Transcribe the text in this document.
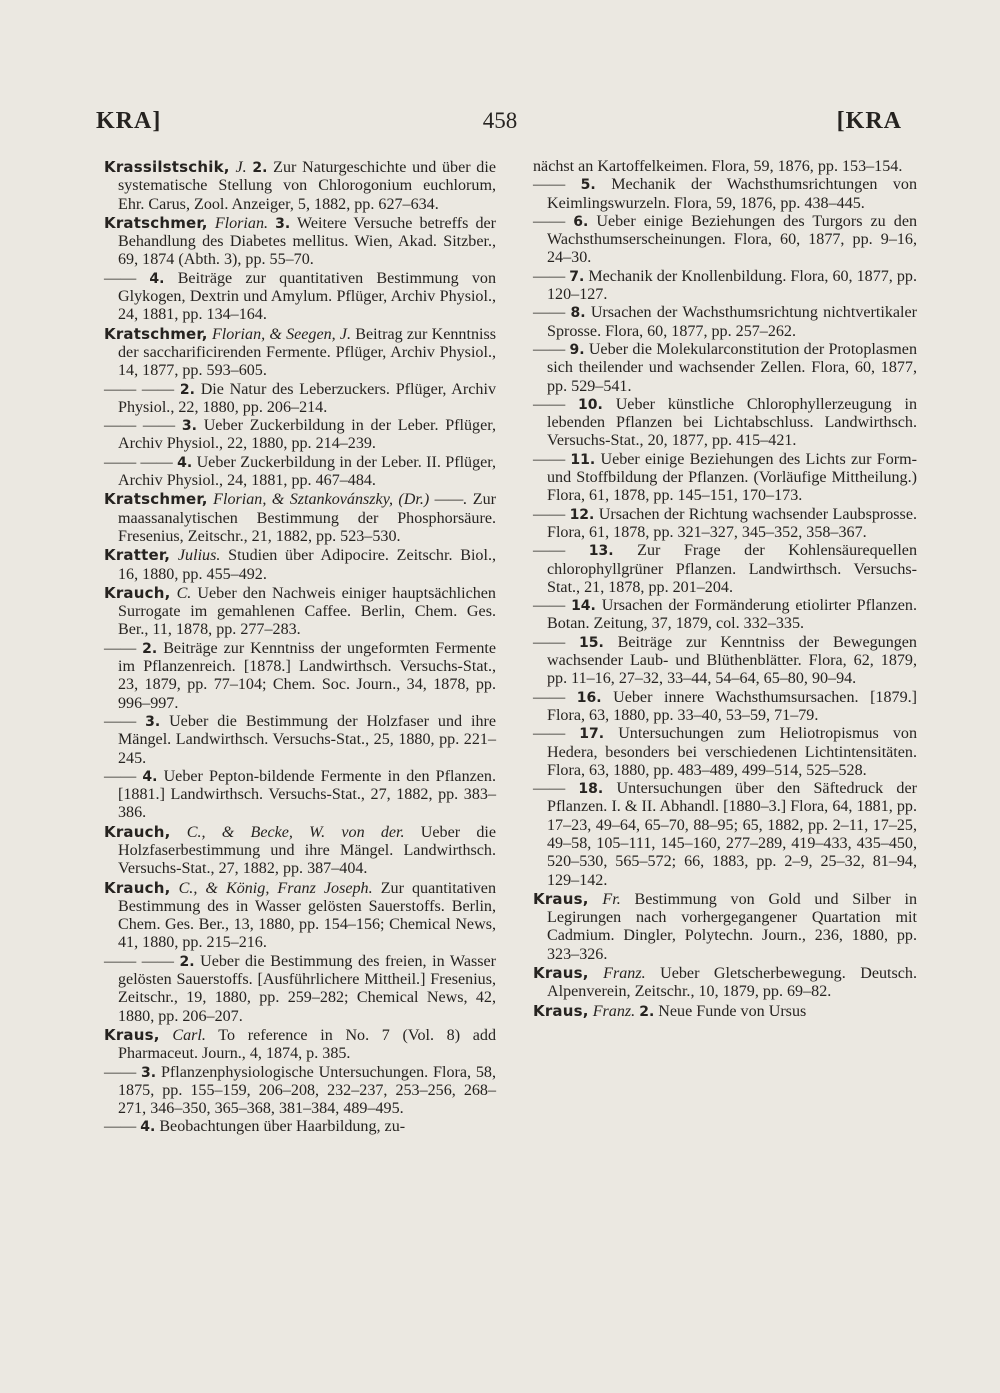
KRA]	458	[KRA
Krassilstschik, J. 2. Zur Naturgeschichte und über die systematische Stellung von Chlorogonium euchlorum, Ehr. Carus, Zool. Anzeiger, 5, 1882, pp. 627–634.
Kratschmer, Florian. 3. Weitere Versuche betreffs der Behandlung des Diabetes mellitus. Wien, Akad. Sitzber., 69, 1874 (Abth. 3), pp. 55–70.
—— 4. Beiträge zur quantitativen Bestimmung von Glykogen, Dextrin und Amylum. Pflüger, Archiv Physiol., 24, 1881, pp. 134–164.
Kratschmer, Florian, & Seegen, J. Beitrag zur Kenntniss der saccharificirenden Fermente. Pflüger, Archiv Physiol., 14, 1877, pp. 593–605.
—— —— 2. Die Natur des Leberzuckers. Pflüger, Archiv Physiol., 22, 1880, pp. 206–214.
—— —— 3. Ueber Zuckerbildung in der Leber. Pflüger, Archiv Physiol., 22, 1880, pp. 214–239.
—— —— 4. Ueber Zuckerbildung in der Leber. II. Pflüger, Archiv Physiol., 24, 1881, pp. 467–484.
Kratschmer, Florian, & Sztankovánszky, (Dr.) ——. Zur maassanalytischen Bestimmung der Phosphorsäure. Fresenius, Zeitschr., 21, 1882, pp. 523–530.
Kratter, Julius. Studien über Adipocire. Zeitschr. Biol., 16, 1880, pp. 455–492.
Krauch, C. Ueber den Nachweis einiger hauptsächlichen Surrogate im gemahlenen Caffee. Berlin, Chem. Ges. Ber., 11, 1878, pp. 277–283.
—— 2. Beiträge zur Kenntniss der ungeformten Fermente im Pflanzenreich. [1878.] Landwirthsch. Versuchs-Stat., 23, 1879, pp. 77–104; Chem. Soc. Journ., 34, 1878, pp. 996–997.
—— 3. Ueber die Bestimmung der Holzfaser und ihre Mängel. Landwirthsch. Versuchs-Stat., 25, 1880, pp. 221–245.
—— 4. Ueber Pepton-bildende Fermente in den Pflanzen. [1881.] Landwirthsch. Versuchs-Stat., 27, 1882, pp. 383–386.
Krauch, C., & Becke, W. von der. Ueber die Holzfaserbestimmung und ihre Mängel. Landwirthsch. Versuchs-Stat., 27, 1882, pp. 387–404.
Krauch, C., & König, Franz Joseph. Zur quantitativen Bestimmung des in Wasser gelösten Sauerstoffs. Berlin, Chem. Ges. Ber., 13, 1880, pp. 154–156; Chemical News, 41, 1880, pp. 215–216.
—— —— 2. Ueber die Bestimmung des freien, in Wasser gelösten Sauerstoffs. [Ausführlichere Mittheil.] Fresenius, Zeitschr., 19, 1880, pp. 259–282; Chemical News, 42, 1880, pp. 206–207.
Kraus, Carl. To reference in No. 7 (Vol. 8) add Pharmaceut. Journ., 4, 1874, p. 385.
—— 3. Pflanzenphysiologische Untersuchungen. Flora, 58, 1875, pp. 155–159, 206–208, 232–237, 253–256, 268–271, 346–350, 365–368, 381–384, 489–495.
—— 4. Beobachtungen über Haarbildung, zu-
nächst an Kartoffelkeimen. Flora, 59, 1876, pp. 153–154.
—— 5. Mechanik der Wachsthumsrichtungen von Keimlingswurzeln. Flora, 59, 1876, pp. 438–445.
—— 6. Ueber einige Beziehungen des Turgors zu den Wachsthumserscheinungen. Flora, 60, 1877, pp. 9–16, 24–30.
—— 7. Mechanik der Knollenbildung. Flora, 60, 1877, pp. 120–127.
—— 8. Ursachen der Wachsthumsrichtung nichtvertikaler Sprosse. Flora, 60, 1877, pp. 257–262.
—— 9. Ueber die Molekularconstitution der Protoplasmen sich theilender und wachsender Zellen. Flora, 60, 1877, pp. 529–541.
—— 10. Ueber künstliche Chlorophyllerzeugung in lebenden Pflanzen bei Lichtabschluss. Landwirthsch. Versuchs-Stat., 20, 1877, pp. 415–421.
—— 11. Ueber einige Beziehungen des Lichts zur Form- und Stoffbildung der Pflanzen. (Vorläufige Mittheilung.) Flora, 61, 1878, pp. 145–151, 170–173.
—— 12. Ursachen der Richtung wachsender Laubsprosse. Flora, 61, 1878, pp. 321–327, 345–352, 358–367.
—— 13. Zur Frage der Kohlensäurequellen chlorophyllgrüner Pflanzen. Landwirthsch. Versuchs-Stat., 21, 1878, pp. 201–204.
—— 14. Ursachen der Formänderung etiolirter Pflanzen. Botan. Zeitung, 37, 1879, col. 332–335.
—— 15. Beiträge zur Kenntniss der Bewegungen wachsender Laub- und Blüthenblätter. Flora, 62, 1879, pp. 11–16, 27–32, 33–44, 54–64, 65–80, 90–94.
—— 16. Ueber innere Wachsthumsursachen. [1879.] Flora, 63, 1880, pp. 33–40, 53–59, 71–79.
—— 17. Untersuchungen zum Heliotropismus von Hedera, besonders bei verschiedenen Lichtintensitäten. Flora, 63, 1880, pp. 483–489, 499–514, 525–528.
—— 18. Untersuchungen über den Säftedruck der Pflanzen. I. & II. Abhandl. [1880–3.] Flora, 64, 1881, pp. 17–23, 49–64, 65–70, 88–95; 65, 1882, pp. 2–11, 17–25, 49–58, 105–111, 145–160, 277–289, 419–433, 435–450, 520–530, 565–572; 66, 1883, pp. 2–9, 25–32, 81–94, 129–142.
Kraus, Fr. Bestimmung von Gold und Silber in Legirungen nach vorhergegangener Quartation mit Cadmium. Dingler, Polytechn. Journ., 236, 1880, pp. 323–326.
Kraus, Franz. Ueber Gletscherbewegung. Deutsch. Alpenverein, Zeitschr., 10, 1879, pp. 69–82.
Kraus, Franz. 2. Neue Funde von Ursus
